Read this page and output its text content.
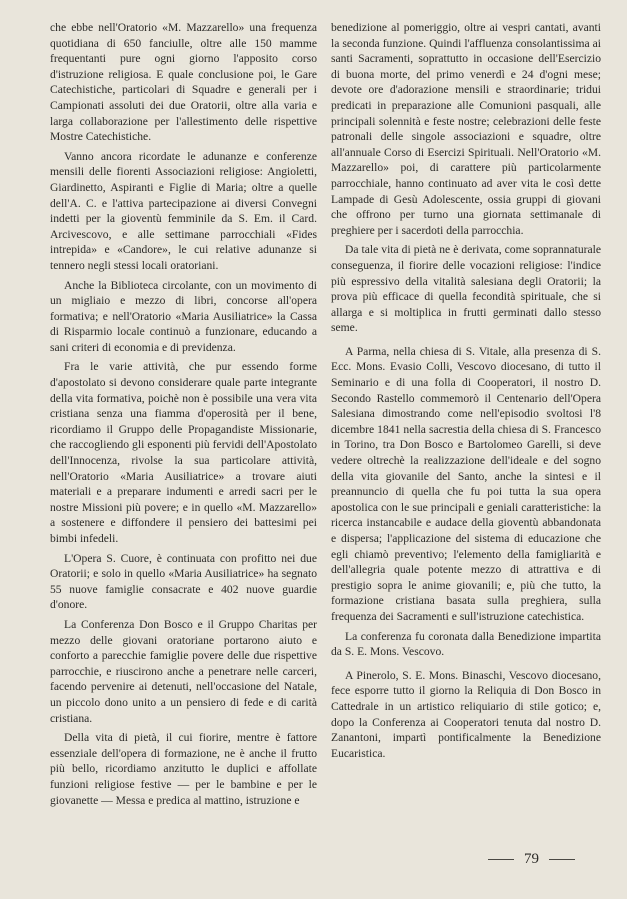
che ebbe nell'Oratorio «M. Mazzarello» una frequenza quotidiana di 650 fanciulle, oltre alle 150 mamme frequentanti pure ogni giorno l'apposito corso d'istruzione religiosa. E quale conclusione poi, le Gare Catechistiche, particolari di Squadre e generali per i Campionati assoluti dei due Oratorii, oltre alla varia e larga collaborazione per l'allestimento delle rispettive Mostre Catechistiche.

Vanno ancora ricordate le adunanze e conferenze mensili delle fiorenti Associazioni religiose: Angioletti, Giardinetto, Aspiranti e Figlie di Maria; oltre a quelle dell'A. C. e l'attiva partecipazione ai diversi Convegni indetti per la gioventù femminile da S. Em. il Card. Arcivescovo, e alle settimane parrocchiali «Fides intrepida» e «Candore», le cui relative adunanze si tennero negli stessi locali oratoriani.

Anche la Biblioteca circolante, con un movimento di un migliaio e mezzo di libri, concorse all'opera formativa; e nell'Oratorio «Maria Ausiliatrice» la Cassa di Risparmio locale continuò a funzionare, educando a sani criteri di economia e di previdenza.

Fra le varie attività, che pur essendo forme d'apostolato si devono considerare quale parte integrante della vita formativa, poichè non è possibile una vera vita cristiana senza una fiamma d'operosità per il bene, ricordiamo il Gruppo delle Propagandiste Missionarie, che raccogliendo gli esponenti più fervidi dell'Apostolato dell'Innocenza, rivolse la sua particolare attività, nell'Oratorio «Maria Ausiliatrice» a trovare aiuti materiali e a preparare indumenti e arredi sacri per le nostre Missioni più povere; e in quello «M. Mazzarello» a sostenere e diffondere il pensiero dei battesimi pei bimbi infedeli.

L'Opera S. Cuore, è continuata con profitto nei due Oratorii; e solo in quello «Maria Ausiliatrice» ha segnato 55 nuove famiglie consacrate e 402 nuove guardie d'onore.

La Conferenza Don Bosco e il Gruppo Charitas per mezzo delle giovani oratoriane portarono aiuto e conforto a parecchie famiglie povere delle due rispettive parrocchie, e riuscirono anche a penetrare nelle carceri, facendo pervenire ai detenuti, nell'occasione del Natale, un piccolo dono unito a un pensiero di fede e di carità cristiana.

Della vita di pietà, il cui fiorire, mentre è fattore essenziale dell'opera di formazione, ne è anche il frutto più bello, ricordiamo anzitutto le duplici e affollate funzioni religiose festive — per le bambine e per le giovanette — Messa e predica al mattino, istruzione e

benedizione al pomeriggio, oltre ai vespri cantati, avanti la seconda funzione. Quindi l'affluenza consolantissima ai santi Sacramenti, soprattutto in occasione dell'Esercizio di buona morte, del primo venerdì e 24 d'ogni mese; devote ore d'adorazione mensili e straordinarie; tridui predicati in preparazione alle Comunioni pasquali, alle principali solennità e feste nostre; celebrazioni delle feste patronali delle singole associazioni e squadre, oltre all'annuale Corso di Esercizi Spirituali. Nell'Oratorio «M. Mazzarello» poi, di carattere più particolarmente parrocchiale, hanno continuato ad aver vita le così dette Lampade di Gesù Adolescente, ossia gruppi di giovani che offrono per turno una giornata settimanale di preghiere per i sacerdoti della parrocchia.

Da tale vita di pietà ne è derivata, come soprannaturale conseguenza, il fiorire delle vocazioni religiose: l'indice più espressivo della vitalità salesiana degli Oratorii; la prova più efficace di quella fecondità spirituale, che si allarga e si moltiplica in frutti germinati dallo stesso seme.

A Parma, nella chiesa di S. Vitale, alla presenza di S. Ecc. Mons. Evasio Colli, Vescovo diocesano, di tutto il Seminario e di una folla di Cooperatori, il nostro D. Secondo Rastello commemorò il Centenario dell'Opera Salesiana dimostrando come nell'episodio svoltosi l'8 dicembre 1841 nella sacrestia della chiesa di S. Francesco in Torino, tra Don Bosco e Bartolomeo Garelli, si deve vedere oltrechè la realizzazione dell'ideale e del sogno della vita giovanile del Santo, anche la sintesi e il preannuncio di quella che fu poi tutta la sua opera apostolica con le sue principali e geniali caratteristiche: la ricerca instancabile e audace della gioventù abbandonata e dispersa; l'applicazione del sistema di educazione che egli chiamò preventivo; l'elemento della famigliarità e dell'allegria quale potente mezzo di attrattiva e di prestigio sopra le anime giovanili; e, più che tutto, la formazione cristiana basata sulla preghiera, sulla frequenza dei Sacramenti e sull'istruzione catechistica.

La conferenza fu coronata dalla Benedizione impartita da S. E. Mons. Vescovo.

A Pinerolo, S. E. Mons. Binaschi, Vescovo diocesano, fece esporre tutto il giorno la Reliquia di Don Bosco in Cattedrale in un artistico reliquiario di stile gotico; e, dopo la Conferenza ai Cooperatori tenuta dal nostro D. Zanantoni, impartì pontificalmente la Benedizione Eucaristica.

79
